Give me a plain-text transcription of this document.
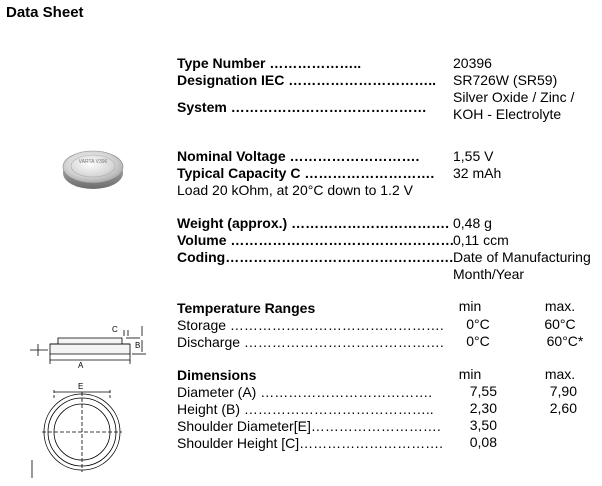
Data Sheet
VARTA V396
C
B
A
E
Type Number ………………..	20396
Designation IEC ………………………….. SR726W (SR59)
System ……………………………………
Silver Oxide / Zinc /
KOH - Electrolyte
Nominal Voltage ………………………. 1,55 V
Typical Capacity C ………………………. 32 mAh
Load 20 kOhm, at 20°C down to 1.2 V
Weight (approx.) ……………………………. 0,48 g
Volume …………………………………………
0,11 ccm
Coding…………………………………………. Date of Manufacturing
Month/Year
Temperature Ranges	min	max.
Storage ……………………………………….	0°C	60°C
Discharge …………………………………….	0°C	60°C*
Dimensions	min	max.
Diameter (A) ……………………………….	7,55	7,90
Height (B) …………………………………..	2,30	2,60
Shoulder Diameter[E]……………………….	3,50
Shoulder Height [C]………………………….	0,08
